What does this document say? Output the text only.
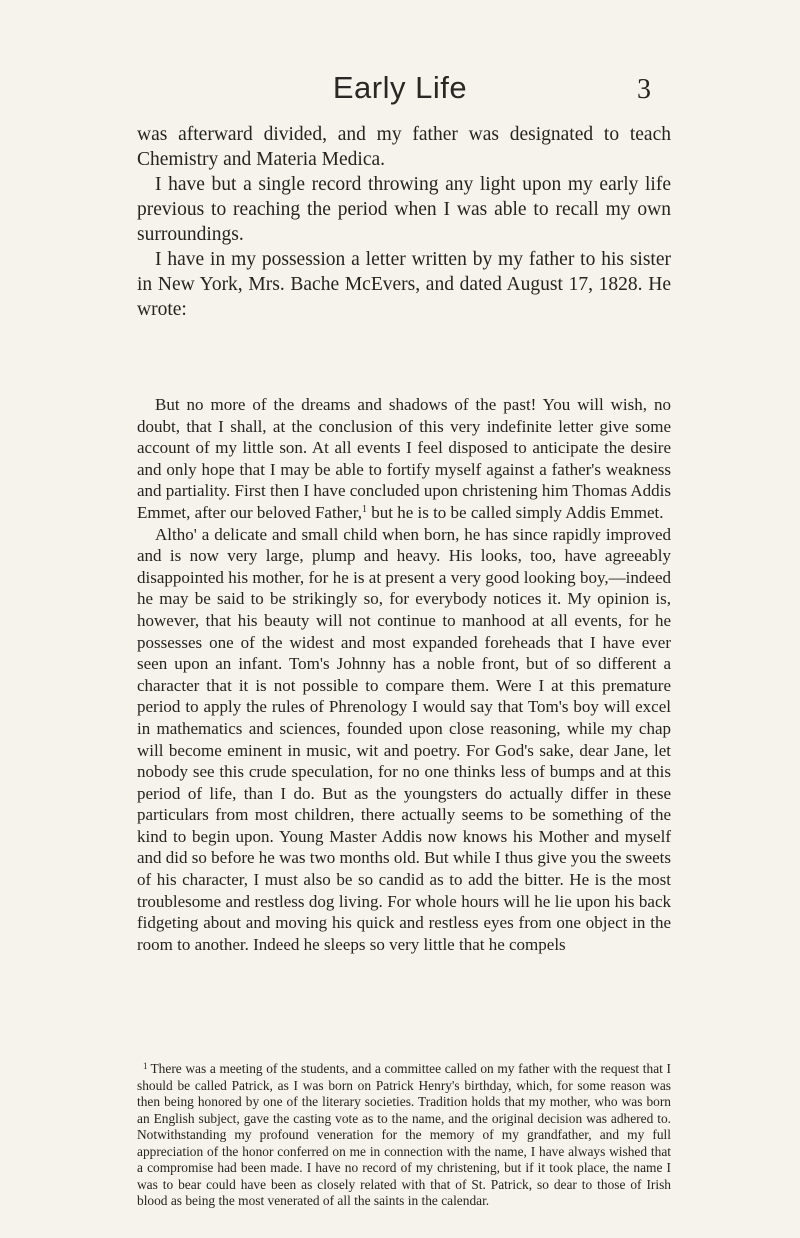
Early Life	3

was afterward divided, and my father was designated to teach Chemistry and Materia Medica.

I have but a single record throwing any light upon my early life previous to reaching the period when I was able to recall my own surroundings.

I have in my possession a letter written by my father to his sister in New York, Mrs. Bache McEvers, and dated August 17, 1828. He wrote:

But no more of the dreams and shadows of the past! You will wish, no doubt, that I shall, at the conclusion of this very indefinite letter give some account of my little son. At all events I feel disposed to anticipate the desire and only hope that I may be able to fortify myself against a father's weakness and partiality. First then I have concluded upon christening him Thomas Addis Emmet, after our beloved Father,$^1$ but he is to be called simply Addis Emmet.

Altho' a delicate and small child when born, he has since rapidly improved and is now very large, plump and heavy. His looks, too, have agreeably disappointed his mother, for he is at present a very good looking boy,—indeed he may be said to be strikingly so, for everybody notices it. My opinion is, however, that his beauty will not continue to manhood at all events, for he possesses one of the widest and most expanded foreheads that I have ever seen upon an infant. Tom's Johnny has a noble front, but of so different a character that it is not possible to compare them. Were I at this premature period to apply the rules of Phrenology I would say that Tom's boy will excel in mathematics and sciences, founded upon close reasoning, while my chap will become eminent in music, wit and poetry. For God's sake, dear Jane, let nobody see this crude speculation, for no one thinks less of bumps and at this period of life, than I do. But as the youngsters do actually differ in these particulars from most children, there actually seems to be something of the kind to begin upon. Young Master Addis now knows his Mother and myself and did so before he was two months old. But while I thus give you the sweets of his character, I must also be so candid as to add the bitter. He is the most troublesome and restless dog living. For whole hours will he lie upon his back fidgeting about and moving his quick and restless eyes from one object in the room to another. Indeed he sleeps so very little that he compels

$^1$ There was a meeting of the students, and a committee called on my father with the request that I should be called Patrick, as I was born on Patrick Henry's birthday, which, for some reason was then being honored by one of the literary societies. Tradition holds that my mother, who was born an English subject, gave the casting vote as to the name, and the original decision was adhered to. Notwithstanding my profound veneration for the memory of my grandfather, and my full appreciation of the honor conferred on me in connection with the name, I have always wished that a compromise had been made. I have no record of my christening, but if it took place, the name I was to bear could have been as closely related with that of St. Patrick, so dear to those of Irish blood as being the most venerated of all the saints in the calendar.
